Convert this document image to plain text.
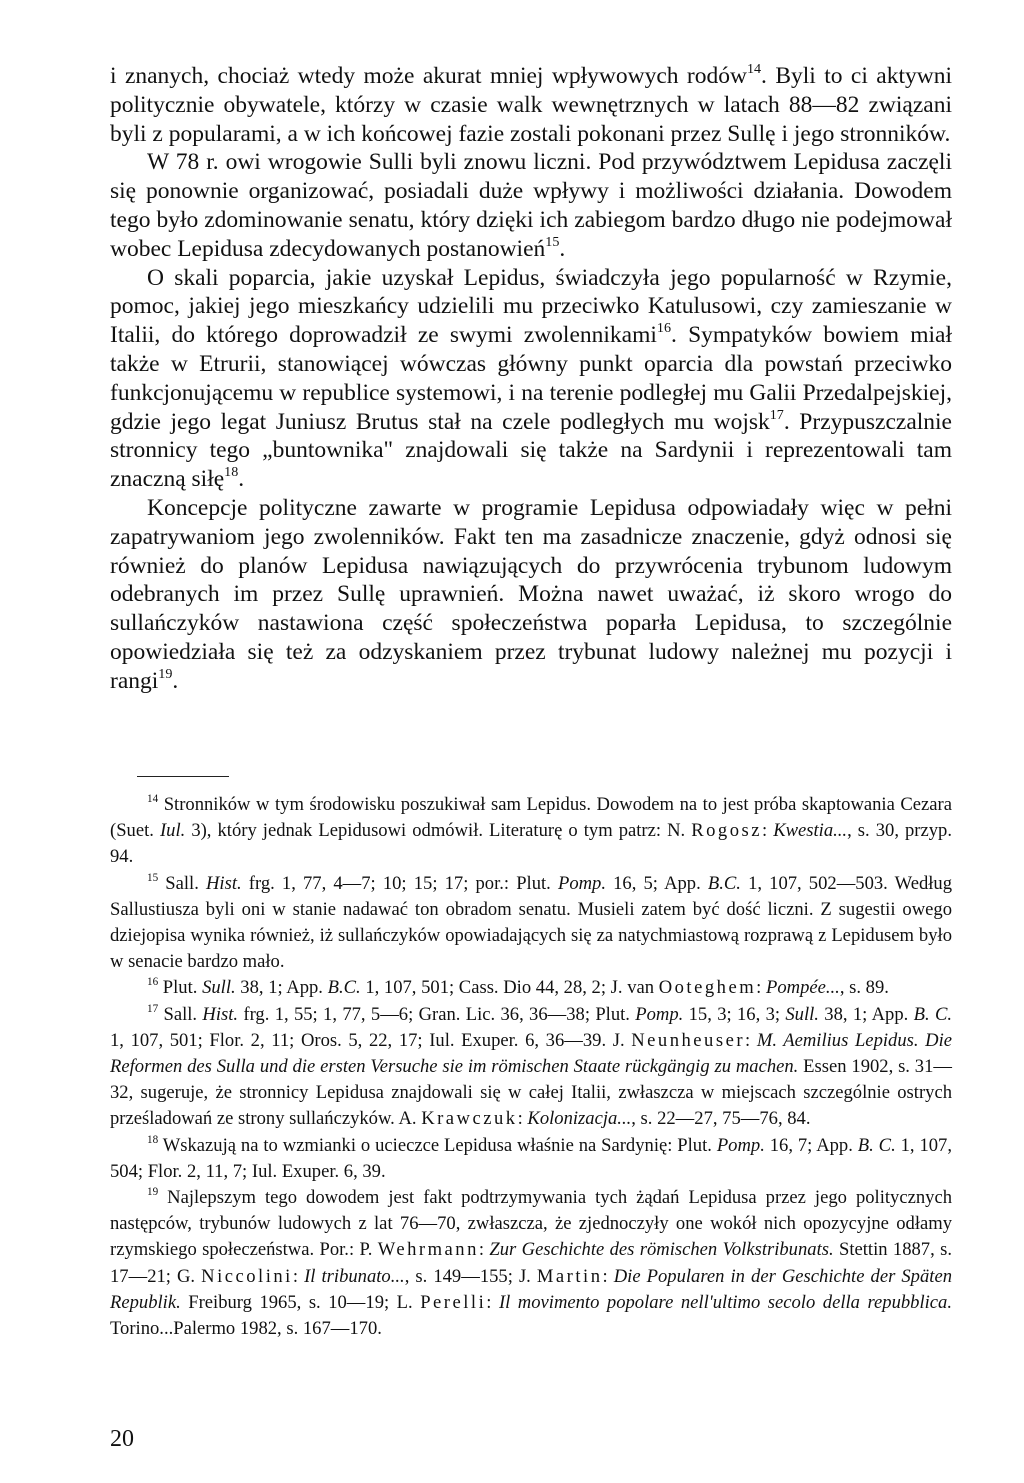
i znanych, chociaż wtedy może akurat mniej wpływowych rodów$^{14}$. Byli to ci aktywni politycznie obywatele, którzy w czasie walk wewnętrznych w latach 88—82 związani byli z popularami, a w ich końcowej fazie zostali pokonani przez Sullę i jego stronników.

W 78 r. owi wrogowie Sulli byli znowu liczni. Pod przywództwem Lepidusa zaczęli się ponownie organizować, posiadali duże wpływy i możliwości działania. Dowodem tego było zdominowanie senatu, który dzięki ich zabiegom bardzo długo nie podejmował wobec Lepidusa zdecydowanych postanowień$^{15}$.

O skali poparcia, jakie uzyskał Lepidus, świadczyła jego popularność w Rzymie, pomoc, jakiej jego mieszkańcy udzielili mu przeciwko Katulusowi, czy zamieszanie w Italii, do którego doprowadził ze swymi zwolennikami$^{16}$. Sympatyków bowiem miał także w Etrurii, stanowiącej wówczas główny punkt oparcia dla powstań przeciwko funkcjonującemu w republice systemowi, i na terenie podległej mu Galii Przedalpejskiej, gdzie jego legat Juniusz Brutus stał na czele podległych mu wojsk$^{17}$. Przypuszczalnie stronnicy tego „buntownika" znajdowali się także na Sardynii i reprezentowali tam znaczną siłę$^{18}$.

Koncepcje polityczne zawarte w programie Lepidusa odpowiadały więc w pełni zapatrywaniom jego zwolenników. Fakt ten ma zasadnicze znaczenie, gdyż odnosi się również do planów Lepidusa nawiązujących do przywrócenia trybunom ludowym odebranych im przez Sullę uprawnień. Można nawet uważać, iż skoro wrogo do sullańczyków nastawiona część społeczeństwa poparła Lepidusa, to szczególnie opowiedziała się też za odzyskaniem przez trybunat ludowy należnej mu pozycji i rangi$^{19}$.

$^{14}$ Stronników w tym środowisku poszukiwał sam Lepidus. Dowodem na to jest próba skaptowania Cezara (Suet. Iul. 3), który jednak Lepidusowi odmówił. Literaturę o tym patrz: N. Rogosz: Kwestia..., s. 30, przyp. 94.

$^{15}$ Sall. Hist. frg. 1, 77, 4—7; 10; 15; 17; por.: Plut. Pomp. 16, 5; App. B.C. 1, 107, 502—503. Według Sallustiusza byli oni w stanie nadawać ton obradom senatu. Musieli zatem być dość liczni. Z sugestii owego dziejopisa wynika również, iż sullańczyków opowiadających się za natychmiastową rozprawą z Lepidusem było w senacie bardzo mało.

$^{16}$ Plut. Sull. 38, 1; App. B.C. 1, 107, 501; Cass. Dio 44, 28, 2; J. van Ooteghem: Pompée..., s. 89.

$^{17}$ Sall. Hist. frg. 1, 55; 1, 77, 5—6; Gran. Lic. 36, 36—38; Plut. Pomp. 15, 3; 16, 3; Sull. 38, 1; App. B. C. 1, 107, 501; Flor. 2, 11; Oros. 5, 22, 17; Iul. Exuper. 6, 36—39. J. Neunheuser: M. Aemilius Lepidus. Die Reformen des Sulla und die ersten Versuche sie im römischen Staate rückgängig zu machen. Essen 1902, s. 31—32, sugeruje, że stronnicy Lepidusa znajdowali się w całej Italii, zwłaszcza w miejscach szczególnie ostrych prześladowań ze strony sullańczyków. A. Krawczuk: Kolonizacja..., s. 22—27, 75—76, 84.

$^{18}$ Wskazują na to wzmianki o ucieczce Lepidusa właśnie na Sardynię: Plut. Pomp. 16, 7; App. B. C. 1, 107, 504; Flor. 2, 11, 7; Iul. Exuper. 6, 39.

$^{19}$ Najlepszym tego dowodem jest fakt podtrzymywania tych żądań Lepidusa przez jego politycznych następców, trybunów ludowych z lat 76—70, zwłaszcza, że zjednoczyły one wokół nich opozycyjne odłamy rzymskiego społeczeństwa. Por.: P. Wehrmann: Zur Geschichte des römischen Volkstribunats. Stettin 1887, s. 17—21; G. Niccolini: Il tribunato..., s. 149—155; J. Martin: Die Popularen in der Geschichte der Späten Republik. Freiburg 1965, s. 10—19; L. Perelli: Il movimento popolare nell'ultimo secolo della repubblica. Torino...Palermo 1982, s. 167—170.

20
